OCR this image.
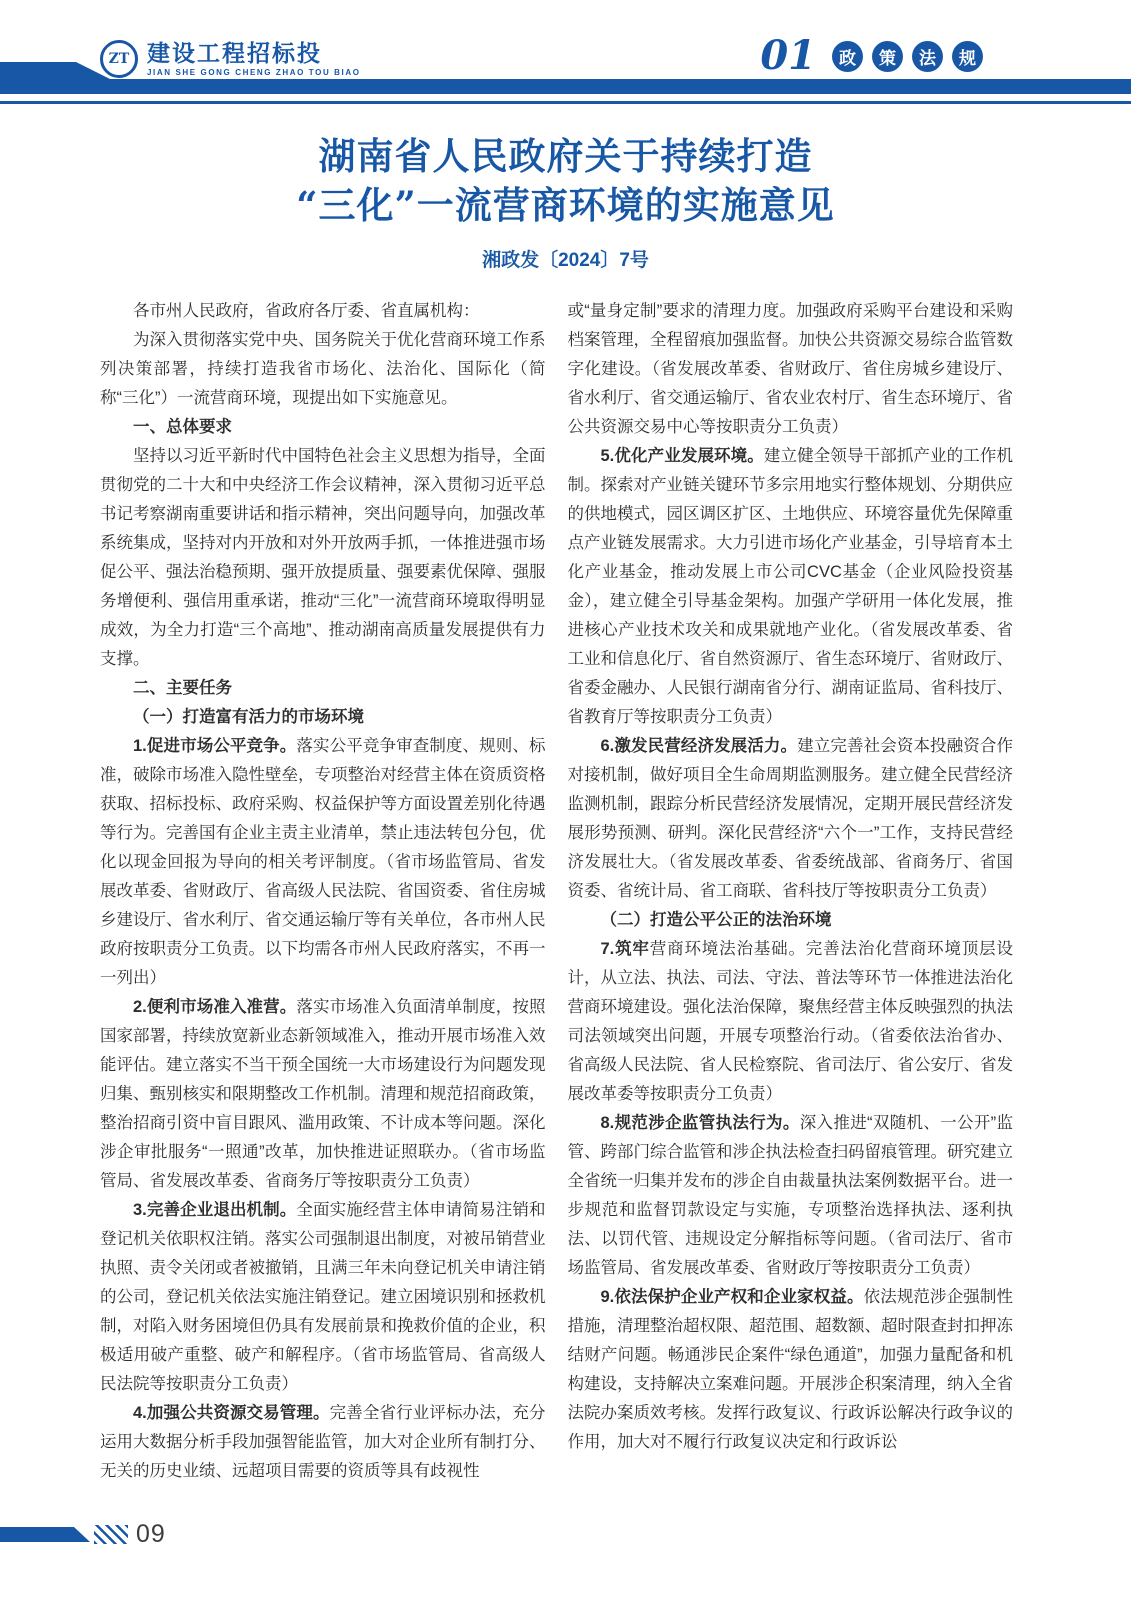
ZT 建设工程招标投
JIAN SHE GONG CHENG ZHAO TOU BIAO	01	政	策	法	规
湖南省人民政府关于持续打造
“三化”一流营商环境的实施意见
湘政发〔2024〕7号

各市州人民政府，省政府各厅委、省直属机构：

为深入贯彻落实党中央、国务院关于优化营商环境工作系列决策部署，持续打造我省市场化、法治化、国际化（简称“三化”）一流营商环境，现提出如下实施意见。

一、总体要求

坚持以习近平新时代中国特色社会主义思想为指导，全面贯彻党的二十大和中央经济工作会议精神，深入贯彻习近平总书记考察湖南重要讲话和指示精神，突出问题导向，加强改革系统集成，坚持对内开放和对外开放两手抓，一体推进强市场促公平、强法治稳预期、强开放提质量、强要素优保障、强服务增便利、强信用重承诺，推动“三化”一流营商环境取得明显成效，为全力打造“三个高地”、推动湖南高质量发展提供有力支撑。

二、主要任务

（一）打造富有活力的市场环境

1.促进市场公平竞争。落实公平竞争审查制度、规则、标准，破除市场准入隐性壁垒，专项整治对经营主体在资质资格获取、招标投标、政府采购、权益保护等方面设置差别化待遇等行为。完善国有企业主责主业清单，禁止违法转包分包，优化以现金回报为导向的相关考评制度。（省市场监管局、省发展改革委、省财政厅、省高级人民法院、省国资委、省住房城乡建设厅、省水利厅、省交通运输厅等有关单位，各市州人民政府按职责分工负责。以下均需各市州人民政府落实，不再一一列出）

2.便利市场准入准营。落实市场准入负面清单制度，按照国家部署，持续放宽新业态新领域准入，推动开展市场准入效能评估。建立落实不当干预全国统一大市场建设行为问题发现归集、甄别核实和限期整改工作机制。清理和规范招商政策，整治招商引资中盲目跟风、滥用政策、不计成本等问题。深化涉企审批服务“一照通”改革，加快推进证照联办。（省市场监管局、省发展改革委、省商务厅等按职责分工负责）

3.完善企业退出机制。全面实施经营主体申请简易注销和登记机关依职权注销。落实公司强制退出制度，对被吊销营业执照、责令关闭或者被撤销，且满三年未向登记机关申请注销的公司，登记机关依法实施注销登记。建立困境识别和拯救机制，对陷入财务困境但仍具有发展前景和挽救价值的企业，积极适用破产重整、破产和解程序。（省市场监管局、省高级人民法院等按职责分工负责）

4.加强公共资源交易管理。完善全省行业评标办法，充分运用大数据分析手段加强智能监管，加大对企业所有制打分、无关的历史业绩、远超项目需要的资质等具有歧视性

或“量身定制”要求的清理力度。加强政府采购平台建设和采购档案管理，全程留痕加强监督。加快公共资源交易综合监管数字化建设。（省发展改革委、省财政厅、省住房城乡建设厅、省水利厅、省交通运输厅、省农业农村厅、省生态环境厅、省公共资源交易中心等按职责分工负责）

5.优化产业发展环境。建立健全领导干部抓产业的工作机制。探索对产业链关键环节多宗用地实行整体规划、分期供应的供地模式，园区调区扩区、土地供应、环境容量优先保障重点产业链发展需求。大力引进市场化产业基金，引导培育本土化产业基金，推动发展上市公司CVC基金（企业风险投资基金），建立健全引导基金架构。加强产学研用一体化发展，推进核心产业技术攻关和成果就地产业化。（省发展改革委、省工业和信息化厅、省自然资源厅、省生态环境厅、省财政厅、省委金融办、人民银行湖南省分行、湖南证监局、省科技厅、省教育厅等按职责分工负责）

6.激发民营经济发展活力。建立完善社会资本投融资合作对接机制，做好项目全生命周期监测服务。建立健全民营经济监测机制，跟踪分析民营经济发展情况，定期开展民营经济发展形势预测、研判。深化民营经济“六个一”工作，支持民营经济发展壮大。（省发展改革委、省委统战部、省商务厅、省国资委、省统计局、省工商联、省科技厅等按职责分工负责）

（二）打造公平公正的法治环境

7.筑牢营商环境法治基础。完善法治化营商环境顶层设计，从立法、执法、司法、守法、普法等环节一体推进法治化营商环境建设。强化法治保障，聚焦经营主体反映强烈的执法司法领域突出问题，开展专项整治行动。（省委依法治省办、省高级人民法院、省人民检察院、省司法厅、省公安厅、省发展改革委等按职责分工负责）

8.规范涉企监管执法行为。深入推进“双随机、一公开”监管、跨部门综合监管和涉企执法检查扫码留痕管理。研究建立全省统一归集并发布的涉企自由裁量执法案例数据平台。进一步规范和监督罚款设定与实施，专项整治选择执法、逐利执法、以罚代管、违规设定分解指标等问题。（省司法厅、省市场监管局、省发展改革委、省财政厅等按职责分工负责）

9.依法保护企业产权和企业家权益。依法规范涉企强制性措施，清理整治超权限、超范围、超数额、超时限查封扣押冻结财产问题。畅通涉民企案件“绿色通道”，加强力量配备和机构建设，支持解决立案难问题。开展涉企积案清理，纳入全省法院办案质效考核。发挥行政复议、行政诉讼解决行政争议的作用，加大对不履行行政复议决定和行政诉讼

09
